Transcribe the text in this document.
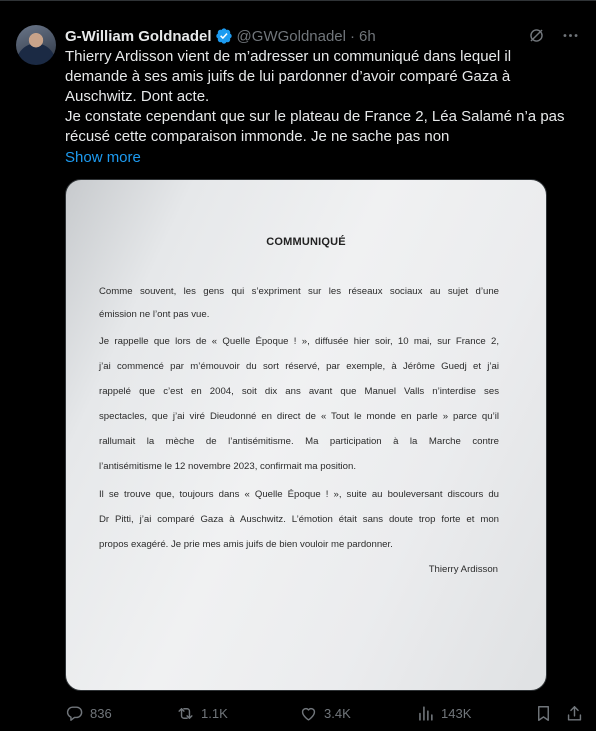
G-William Goldnadel @GWGoldnadel · 6h

Thierry Ardisson vient de m’adresser un communiqué dans lequel il

demande à ses amis juifs de lui pardonner d’avoir comparé Gaza à

Auschwitz. Dont acte.

Je constate cependant que sur le plateau de France 2, Léa Salamé n’a pas

récusé cette comparaison immonde. Je ne sache pas non

Show more
COMMUNIQUÉ
Comme souvent, les gens qui s’expriment sur les réseaux sociaux au sujet d’une
émission ne l’ont pas vue.
Je rappelle que lors de « Quelle Époque ! », diffusée hier soir, 10 mai, sur France 2,
j’ai commencé par m’émouvoir du sort réservé, par exemple, à Jérôme Guedj et j’ai
rappelé que c’est en 2004, soit dix ans avant que Manuel Valls n’interdise ses
spectacles, que j’ai viré Dieudonné en direct de « Tout le monde en parle » parce qu’il
rallumait la mèche de l’antisémitisme. Ma participation à la Marche contre
l’antisémitisme le 12 novembre 2023, confirmait ma position.
Il se trouve que, toujours dans « Quelle Époque ! », suite au bouleversant discours du
Dr Pitti, j’ai comparé Gaza à Auschwitz. L’émotion était sans doute trop forte et mon
propos exagéré. Je prie mes amis juifs de bien vouloir me pardonner.
Thierry Ardisson
836	1.1K	3.4K	143K
